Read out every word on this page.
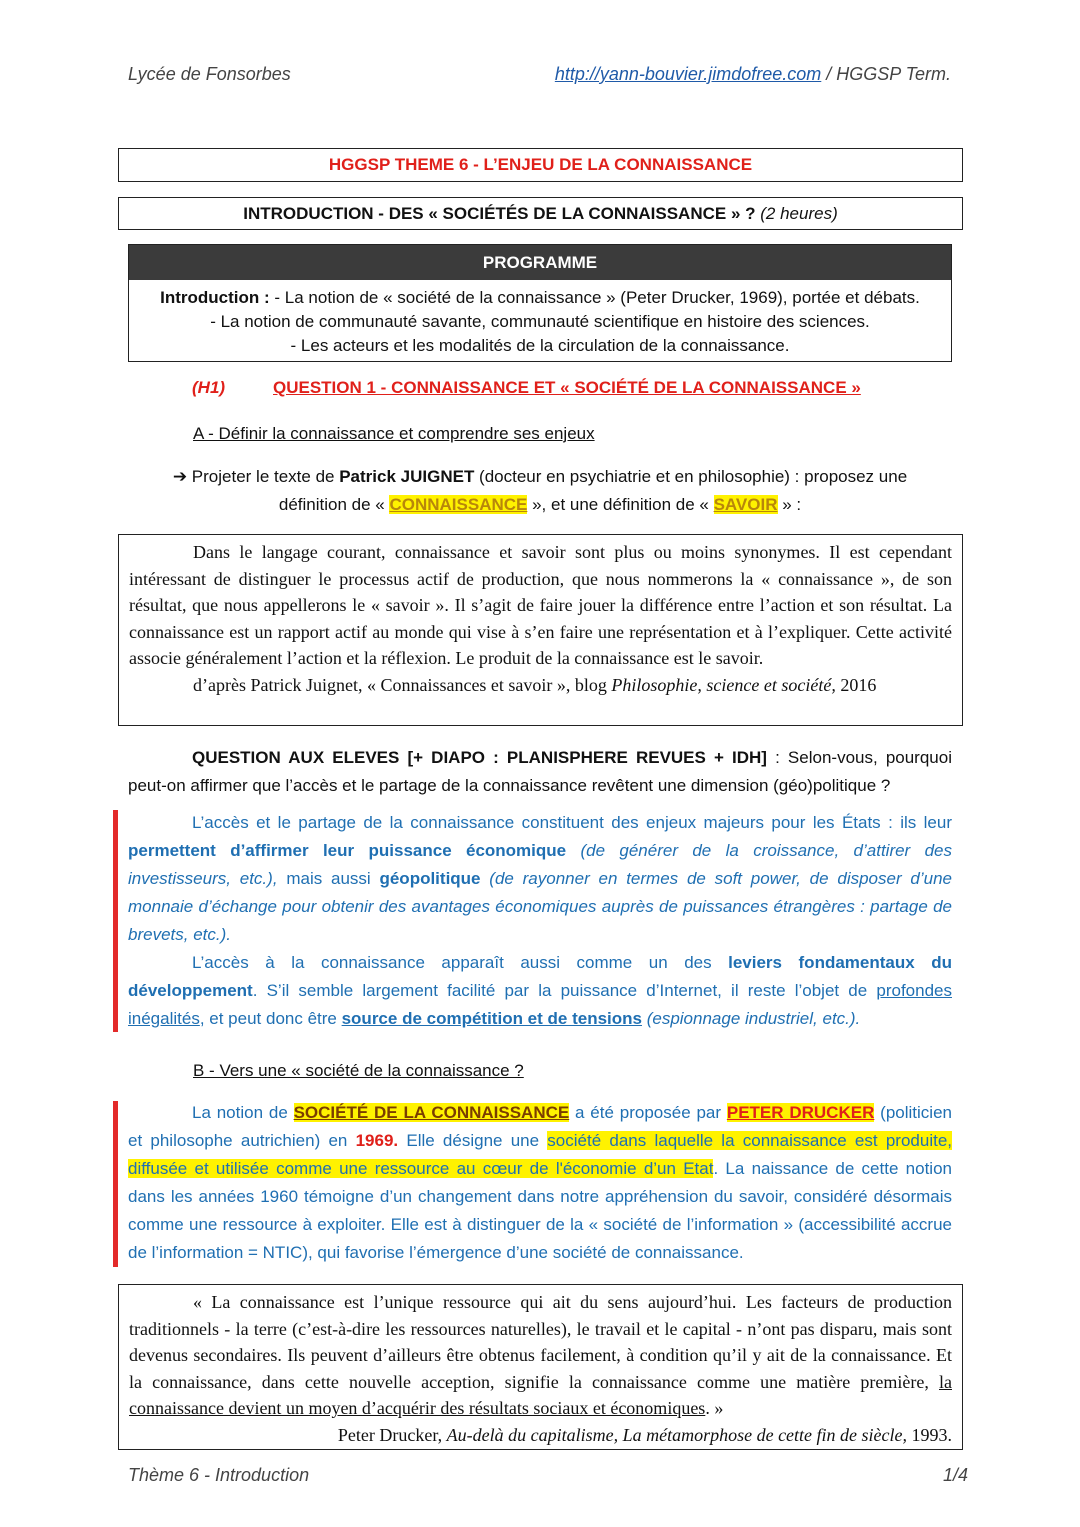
Lycée de Fonsorbes	http://yann-bouvier.jimdofree.com / HGGSP Term.
HGGSP THEME 6 - L’ENJEU DE LA CONNAISSANCE
INTRODUCTION - DES « SOCIÉTÉS DE LA CONNAISSANCE » ? (2 heures)
PROGRAMME
Introduction : - La notion de « société de la connaissance » (Peter Drucker, 1969), portée et débats.
- La notion de communauté savante, communauté scientifique en histoire des sciences.
- Les acteurs et les modalités de la circulation de la connaissance.
(H1)	QUESTION 1 - CONNAISSANCE ET « SOCIÉTÉ DE LA CONNAISSANCE »
A - Définir la connaissance et comprendre ses enjeux
➔ Projeter le texte de Patrick JUIGNET (docteur en psychiatrie et en philosophie) : proposez une
définition de « CONNAISSANCE », et une définition de « SAVOIR » :
Dans le langage courant, connaissance et savoir sont plus ou moins synonymes. Il est cependant intéressant de distinguer le processus actif de production, que nous nommerons la « connaissance », de son résultat, que nous appellerons le « savoir ». Il s’agit de faire jouer la différence entre l’action et son résultat. La connaissance est un rapport actif au monde qui vise à s’en faire une représentation et à l’expliquer. Cette activité associe généralement l’action et la réflexion. Le produit de la connaissance est le savoir.
d’après Patrick Juignet, « Connaissances et savoir », blog Philosophie, science et société, 2016
QUESTION AUX ELEVES [+ DIAPO : PLANISPHERE REVUES + IDH] : Selon-vous, pourquoi peut-on affirmer que l’accès et le partage de la connaissance revêtent une dimension (géo)politique ?
L’accès et le partage de la connaissance constituent des enjeux majeurs pour les États : ils leur permettent d’affirmer leur puissance économique (de générer de la croissance, d’attirer des investisseurs, etc.), mais aussi géopolitique (de rayonner en termes de soft power, de disposer d’une monnaie d’échange pour obtenir des avantages économiques auprès de puissances étrangères : partage de brevets, etc.).
L’accès à la connaissance apparaît aussi comme un des leviers fondamentaux du développement. S’il semble largement facilité par la puissance d’Internet, il reste l’objet de profondes inégalités, et peut donc être source de compétition et de tensions (espionnage industriel, etc.).
B - Vers une « société de la connaissance ?
La notion de SOCIÉTÉ DE LA CONNAISSANCE a été proposée par PETER DRUCKER (politicien et philosophe autrichien) en 1969. Elle désigne une société dans laquelle la connaissance est produite, diffusée et utilisée comme une ressource au cœur de l'économie d’un Etat. La naissance de cette notion dans les années 1960 témoigne d’un changement dans notre appréhension du savoir, considéré désormais comme une ressource à exploiter. Elle est à distinguer de la « société de l’information » (accessibilité accrue de l’information = NTIC), qui favorise l’émergence d’une société de connaissance.
« La connaissance est l’unique ressource qui ait du sens aujourd’hui. Les facteurs de production traditionnels - la terre (c’est-à-dire les ressources naturelles), le travail et le capital - n’ont pas disparu, mais sont devenus secondaires. Ils peuvent d’ailleurs être obtenus facilement, à condition qu’il y ait de la connaissance. Et la connaissance, dans cette nouvelle acception, signifie la connaissance comme une matière première, la connaissance devient un moyen d’acquérir des résultats sociaux et économiques. »
Peter Drucker, Au-delà du capitalisme, La métamorphose de cette fin de siècle, 1993.
Thème 6 - Introduction	1/4
